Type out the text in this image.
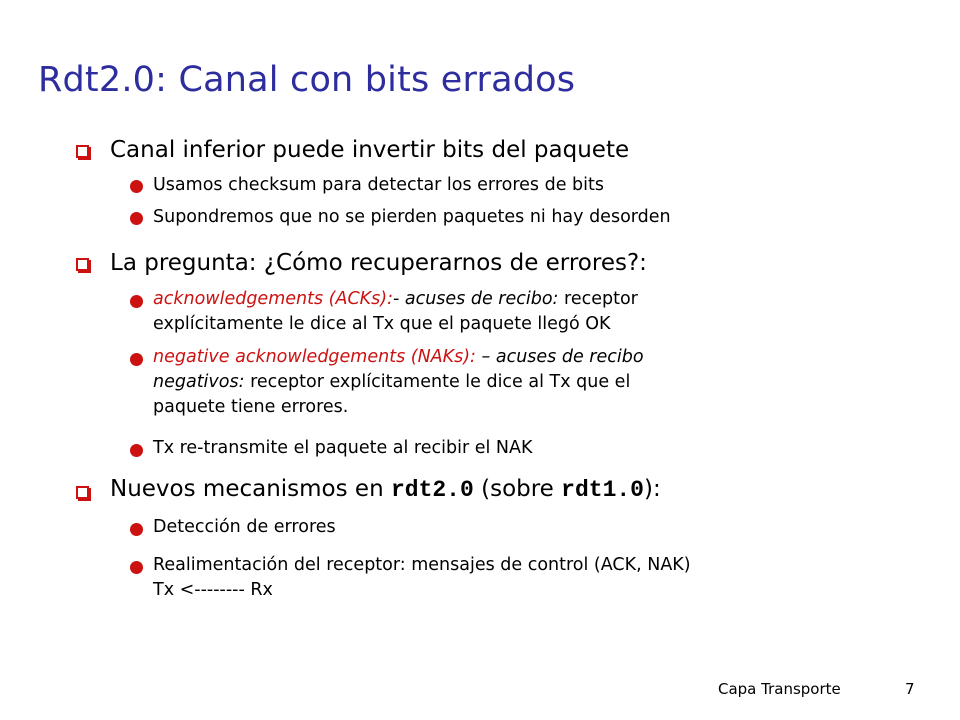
Rdt2.0: Canal con bits errados
Canal inferior puede invertir bits del paquete
Usamos checksum para detectar los errores de bits
Supondremos que no se pierden paquetes ni hay desorden
La pregunta: ¿Cómo recuperarnos de errores?:
acknowledgements (ACKs):- acuses de recibo: receptor
explícitamente le dice al Tx que el paquete llegó OK
negative acknowledgements (NAKs): – acuses de recibo
negativos: receptor explícitamente le dice al Tx que el
paquete tiene errores.
Tx re-transmite el paquete al recibir el NAK
Nuevos mecanismos en rdt2.0 (sobre rdt1.0):
Detección de errores
Realimentación del receptor: mensajes de control (ACK, NAK)
Tx <-------- Rx
Capa Transporte	7
